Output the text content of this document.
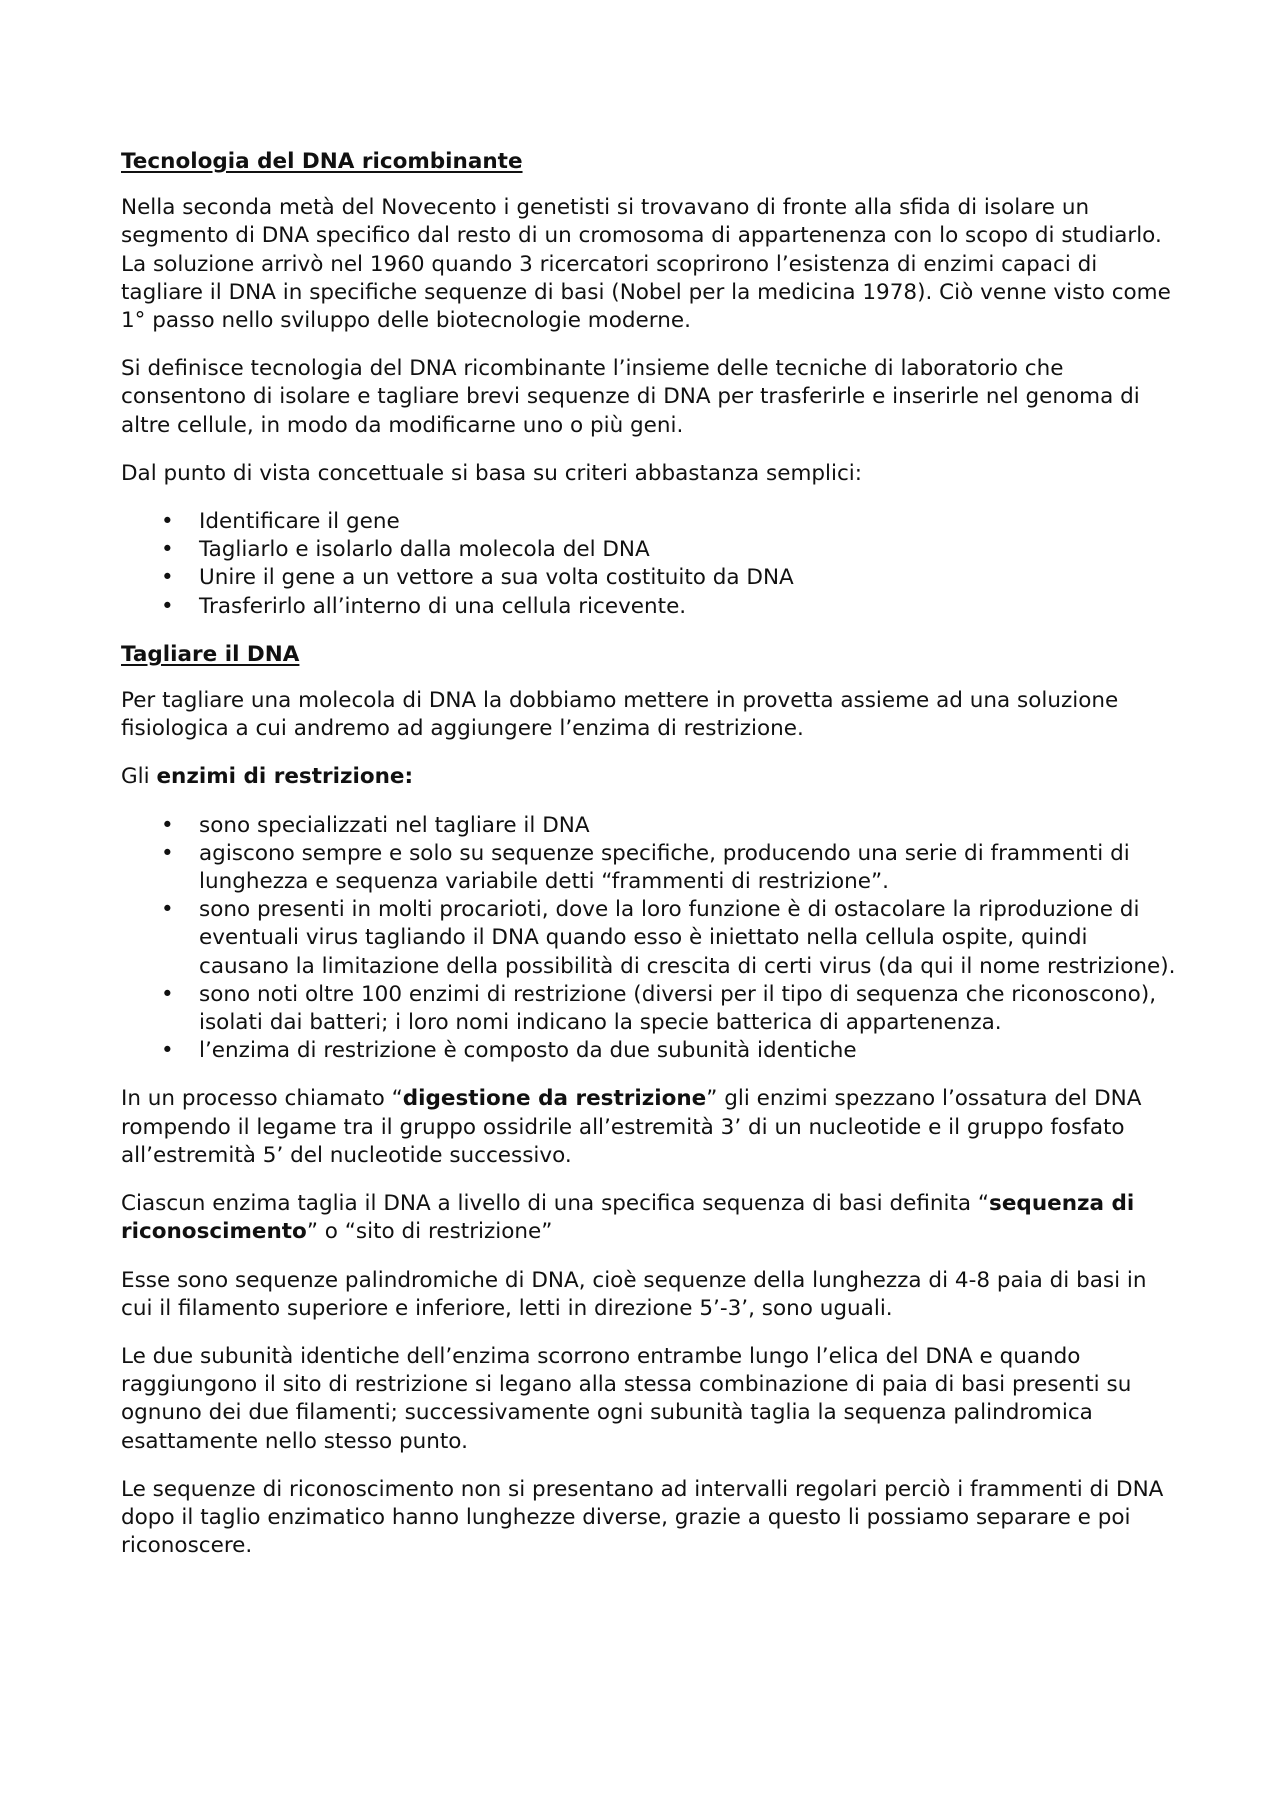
Tecnologia del DNA ricombinante

Nella seconda metà del Novecento i genetisti si trovavano di fronte alla sfida di isolare un segmento di DNA specifico dal resto di un cromosoma di appartenenza con lo scopo di studiarlo. La soluzione arrivò nel 1960 quando 3 ricercatori scoprirono l’esistenza di enzimi capaci di tagliare il DNA in specifiche sequenze di basi (Nobel per la medicina 1978). Ciò venne visto come 1° passo nello sviluppo delle biotecnologie moderne.

Si definisce tecnologia del DNA ricombinante l’insieme delle tecniche di laboratorio che consentono di isolare e tagliare brevi sequenze di DNA per trasferirle e inserirle nel genoma di altre cellule, in modo da modificarne uno o più geni.

Dal punto di vista concettuale si basa su criteri abbastanza semplici:

• Identificare il gene
• Tagliarlo e isolarlo dalla molecola del DNA
• Unire il gene a un vettore a sua volta costituito da DNA
• Trasferirlo all’interno di una cellula ricevente.
Tagliare il DNA

Per tagliare una molecola di DNA la dobbiamo mettere in provetta assieme ad una soluzione fisiologica a cui andremo ad aggiungere l’enzima di restrizione.

Gli enzimi di restrizione:

• sono specializzati nel tagliare il DNA
• agiscono sempre e solo su sequenze specifiche, producendo una serie di frammenti di lunghezza e sequenza variabile detti “frammenti di restrizione”.
• sono presenti in molti procarioti, dove la loro funzione è di ostacolare la riproduzione di eventuali virus tagliando il DNA quando esso è iniettato nella cellula ospite, quindi causano la limitazione della possibilità di crescita di certi virus (da qui il nome restrizione).
• sono noti oltre 100 enzimi di restrizione (diversi per il tipo di sequenza che riconoscono), isolati dai batteri; i loro nomi indicano la specie batterica di appartenenza.
• l’enzima di restrizione è composto da due subunità identiche

In un processo chiamato “digestione da restrizione” gli enzimi spezzano l’ossatura del DNA rompendo il legame tra il gruppo ossidrile all’estremità 3’ di un nucleotide e il gruppo fosfato all’estremità 5’ del nucleotide successivo.

Ciascun enzima taglia il DNA a livello di una specifica sequenza di basi definita “sequenza di riconoscimento” o “sito di restrizione”

Esse sono sequenze palindromiche di DNA, cioè sequenze della lunghezza di 4-8 paia di basi in cui il filamento superiore e inferiore, letti in direzione 5’-3’, sono uguali.

Le due subunità identiche dell’enzima scorrono entrambe lungo l’elica del DNA e quando raggiungono il sito di restrizione si legano alla stessa combinazione di paia di basi presenti su ognuno dei due filamenti; successivamente ogni subunità taglia la sequenza palindromica esattamente nello stesso punto.

Le sequenze di riconoscimento non si presentano ad intervalli regolari perciò i frammenti di DNA dopo il taglio enzimatico hanno lunghezze diverse, grazie a questo li possiamo separare e poi riconoscere.
